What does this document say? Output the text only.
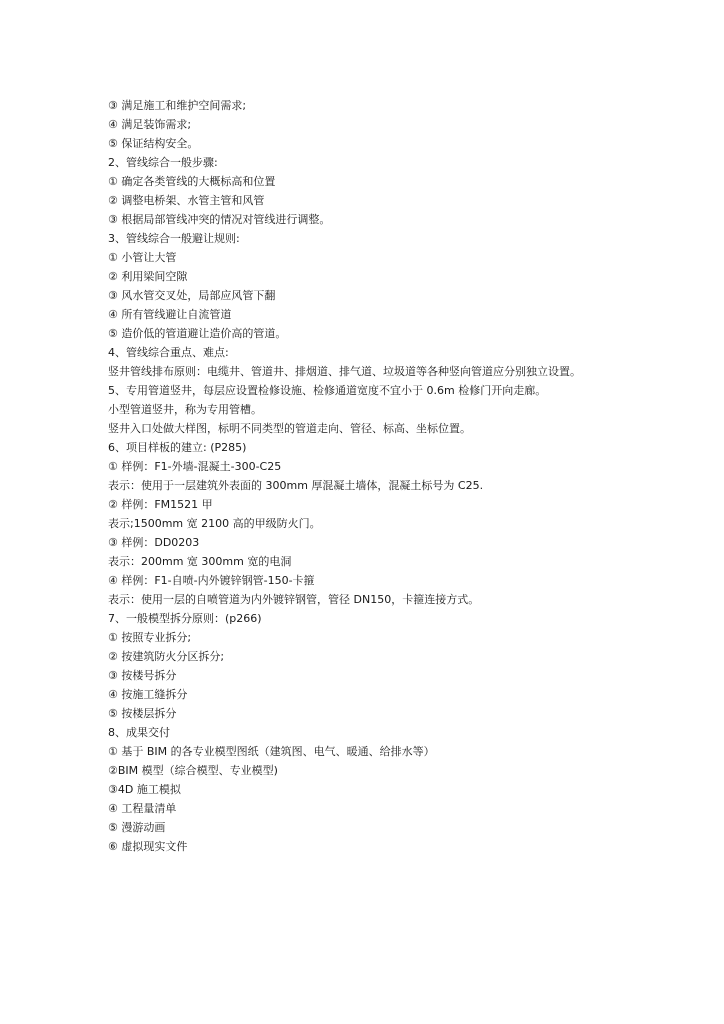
③ 满足施工和维护空间需求;
④ 满足装饰需求;
⑤ 保证结构安全。
2、管线综合一般步骤:
① 确定各类管线的大概标高和位置
② 调整电桥架、水管主管和风管
③ 根据局部管线冲突的情况对管线进行调整。
3、管线综合一般避让规则:
① 小管让大管
② 利用梁间空隙
③ 风水管交叉处，局部应风管下翻
④ 所有管线避让自流管道
⑤ 造价低的管道避让造价高的管道。
4、管线综合重点、难点:
竖井管线排布原则：电缆井、管道井、排烟道、排气道、垃圾道等各种竖向管道应分别独立设置。
5、专用管道竖井，每层应设置检修设施、检修通道宽度不宜小于 0.6m 检修门开向走廊。
小型管道竖井，称为专用管槽。
竖井入口处做大样图，标明不同类型的管道走向、管径、标高、坐标位置。
6、项目样板的建立: (P285)
① 样例：F1-外墙-混凝土-300-C25
表示：使用于一层建筑外表面的 300mm 厚混凝土墙体，混凝土标号为 C25.
② 样例：FM1521 甲
表示;1500mm 宽 2100 高的甲级防火门。
③ 样例：DD0203
表示：200mm 宽 300mm 宽的电洞
④ 样例：F1-自喷-内外镀锌钢管-150-卡箍
表示：使用一层的自喷管道为内外镀锌钢管，管径 DN150，卡箍连接方式。
7、一般模型拆分原则：(p266)
① 按照专业拆分;
② 按建筑防火分区拆分;
③ 按楼号拆分
④ 按施工缝拆分
⑤ 按楼层拆分
8、成果交付
① 基于 BIM 的各专业模型图纸（建筑图、电气、暖通、给排水等）
②BIM 模型（综合模型、专业模型)
③4D 施工模拟
④ 工程量清单
⑤ 漫游动画
⑥ 虚拟现实文件
